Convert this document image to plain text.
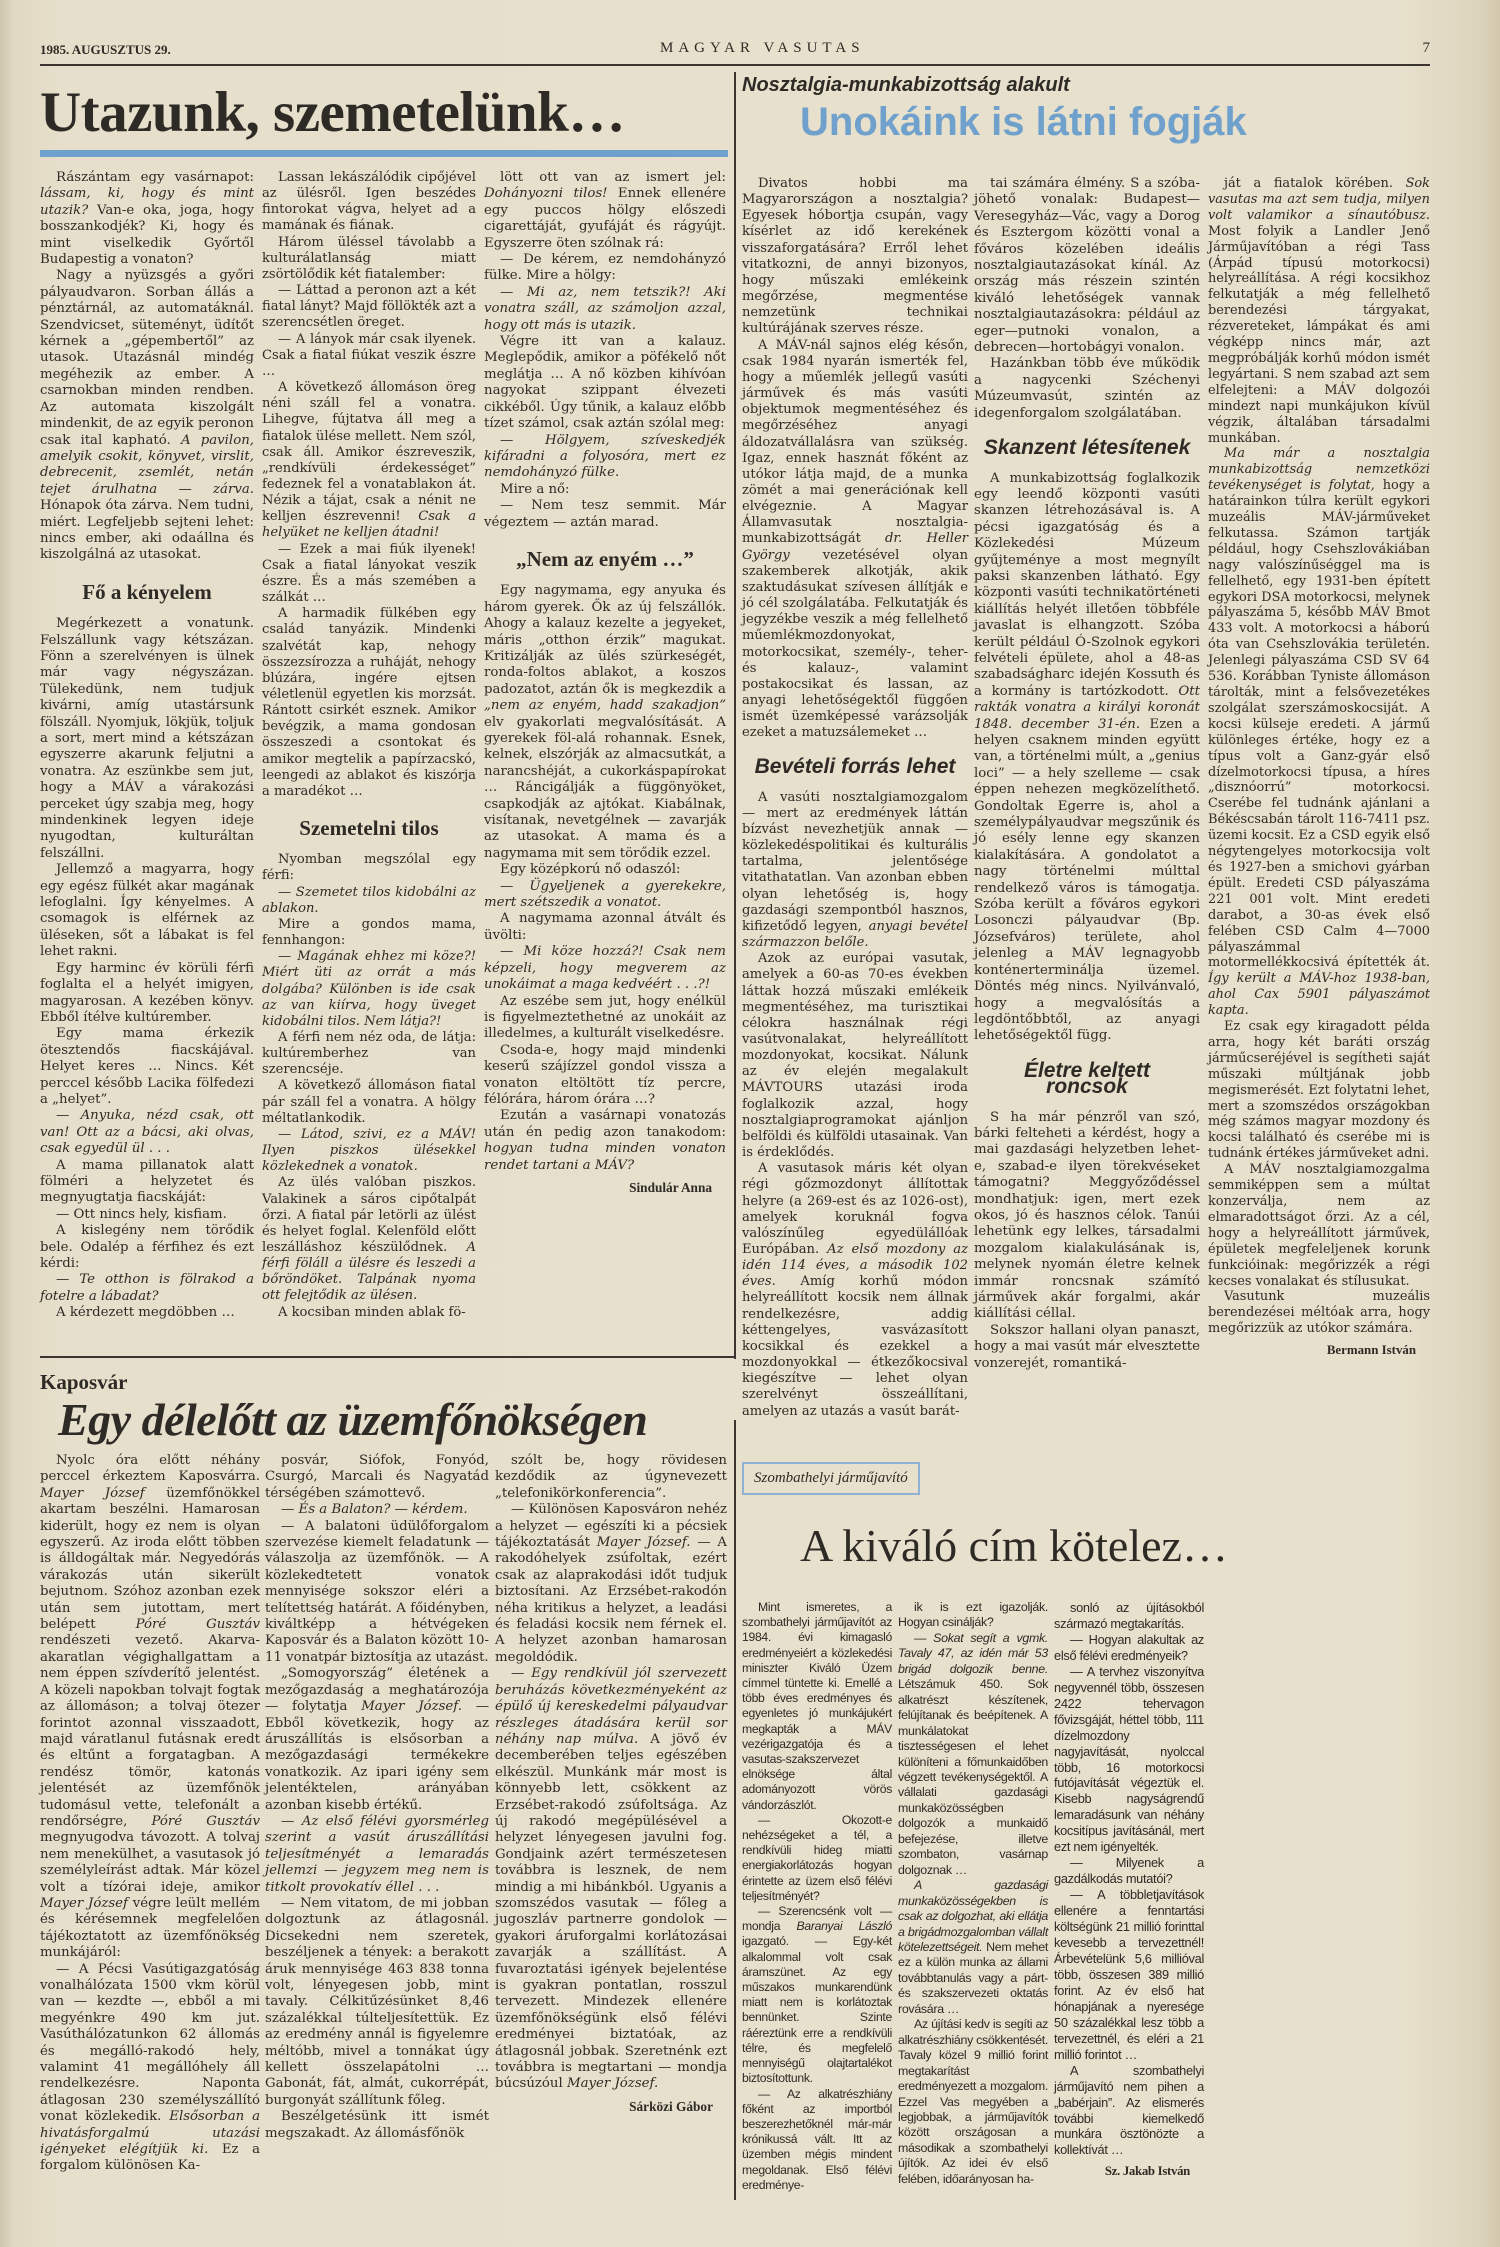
1985. AUGUSZTUS 29.	MAGYAR VASUTAS	7
Utazunk, szemetelünk…

Rászántam egy vasárnapot: lássam, ki, hogy és mint utazik? Van-e oka, joga, hogy bosszankodjék? Ki, hogy és mint viselkedik Győrtől Budapestig a vonaton?

Nagy a nyüzsgés a győri pályaudvaron. Sorban állás a pénztárnál, az automatáknál. Szendvicset, süteményt, üdítőt kérnek a „gépembertől” az utasok. Utazásnál mindég megéhezik az ember. A csarnokban minden rendben. Az automata kiszolgált mindenkit, de az egyik peronon csak ital kapható. A pavilon, amelyik csokit, könyvet, virslit, debrecenit, zsemlét, netán tejet árulhatna — zárva. Hónapok óta zárva. Nem tudni, miért. Legfeljebb sejteni lehet: nincs ember, aki odaállna és kiszolgálná az utasokat.

Fő a kényelem

Megérkezett a vonatunk. Felszállunk vagy kétszázan. Fönn a szerelvényen is ülnek már vagy négyszázan. Tülekedünk, nem tudjuk kivárni, amíg utastársunk fölszáll. Nyomjuk, lökjük, toljuk a sort, mert mind a kétszázan egyszerre akarunk feljutni a vonatra. Az eszünkbe sem jut, hogy a MÁV a várakozási perceket úgy szabja meg, hogy mindenkinek legyen ideje nyugodtan, kulturáltan felszállni.

Jellemző a magyarra, hogy egy egész fülkét akar magának lefoglalni. Így kényelmes. A csomagok is elférnek az üléseken, sőt a lábakat is fel lehet rakni.

Egy harminc év körüli férfi foglalta el a helyét imigyen, magyarosan. A kezében könyv. Ebből ítélve kultúrember.

Egy mama érkezik ötesztendős fiacskájával. Helyet keres … Nincs. Két perccel később Lacika fölfedezi a „helyet”.

— Anyuka, nézd csak, ott van! Ott az a bácsi, aki olvas, csak egyedül ül . . .

A mama pillanatok alatt fölméri a helyzetet és megnyugtatja fiacskáját:

— Ott nincs hely, kisfiam.

A kislegény nem törődik bele. Odalép a férfihez és ezt kérdi:

— Te otthon is fölrakod a fotelre a lábadat?

A kérdezett megdöbben …

Lassan lekászálódik cipőjével az ülésről. Igen beszédes fintorokat vágva, helyet ad a mamának és fiának.

Három üléssel távolabb a kulturálatlanság miatt zsörtölődik két fiatalember:

— Láttad a peronon azt a két fiatal lányt? Majd föllökték azt a szerencsétlen öreget.

— A lányok már csak ilyenek. Csak a fiatal fiúkat veszik észre …

A következő állomáson öreg néni száll fel a vonatra. Lihegve, fújtatva áll meg a fiatalok ülése mellett. Nem szól, csak áll. Amikor észreveszik, „rendkívüli érdekességet” fedeznek fel a vonatablakon át. Nézik a tájat, csak a nénit ne kelljen észrevenni! Csak a helyüket ne kelljen átadni!

— Ezek a mai fiúk ilyenek! Csak a fiatal lányokat veszik észre. És a más szemében a szálkát …

A harmadik fülkében egy család tanyázik. Mindenki szalvétát kap, nehogy összezsírozza a ruháját, nehogy blúzára, ingére ejtsen véletlenül egyetlen kis morzsát. Rántott csirkét esznek. Amikor bevégzik, a mama gondosan összeszedi a csontokat és amikor megtelik a papírzacskó, leengedi az ablakot és kiszórja a maradékot …

Szemetelni tilos

Nyomban megszólal egy férfi:

— Szemetet tilos kidobálni az ablakon.

Mire a gondos mama, fennhangon:

— Magának ehhez mi köze?! Miért üti az orrát a más dolgába? Különben is ide csak az van kiírva, hogy üveget kidobálni tilos. Nem látja?!

A férfi nem néz oda, de látja: kultúremberhez van szerencséje.

A következő állomáson fiatal pár száll fel a vonatra. A hölgy méltatlankodik.

— Látod, szivi, ez a MÁV! Ilyen piszkos ülésekkel közlekednek a vonatok.

Az ülés valóban piszkos. Valakinek a sáros cipőtalpát őrzi. A fiatal pár letörli az ülést és helyet foglal. Kelenföld előtt leszálláshoz készülődnek. A férfi föláll a ülésre és leszedi a bőröndöket. Talpának nyoma ott felejtődik az ülésen.

A kocsiban minden ablak fö-

lött ott van az ismert jel: Dohányozni tilos! Ennek ellenére egy puccos hölgy előszedi cigarettáját, gyufáját és rágyújt. Egyszerre öten szólnak rá:

— De kérem, ez nemdohányzó fülke. Mire a hölgy:

— Mi az, nem tetszik?! Aki vonatra száll, az számoljon azzal, hogy ott más is utazik.

Végre itt van a kalauz. Meglepődik, amikor a pöfékelő nőt meglátja … A nő közben kihívóan nagyokat szippant élvezeti cikkéből. Úgy tűnik, a kalauz előbb tízet számol, csak aztán szólal meg:

— Hölgyem, szíveskedjék kifáradni a folyosóra, mert ez nemdohányzó fülke.

Mire a nő:

— Nem tesz semmit. Már végeztem — aztán marad.

„Nem az enyém …”

Egy nagymama, egy anyuka és három gyerek. Ők az új felszállók. Ahogy a kalauz kezelte a jegyeket, máris „otthon érzik” magukat. Kritizálják az ülés szürkeségét, ronda-foltos ablakot, a koszos padozatot, aztán ők is megkezdik a „nem az enyém, hadd szakadjon” elv gyakorlati megvalósítását. A gyerekek föl-alá rohannak. Esnek, kelnek, elszórják az almacsutkát, a narancshéját, a cukorkáspapírokat … Ráncigálják a függönyöket, csapkodják az ajtókat. Kiabálnak, visítanak, nevetgélnek — zavarják az utasokat. A mama és a nagymama mit sem törődik ezzel.

Egy középkorú nő odaszól:

— Ügyeljenek a gyerekekre, mert szétszedik a vonatot.

A nagymama azonnal átvált és üvölti:

— Mi köze hozzá?! Csak nem képzeli, hogy megverem az unokáimat a maga kedvéért . . .?!

Az eszébe sem jut, hogy enélkül is figyelmeztethetné az unokáit az illedelmes, a kulturált viselkedésre.

Csoda-e, hogy majd mindenki keserű szájízzel gondol vissza a vonaton eltöltött tíz percre, félórára, három órára …?

Ezután a vasárnapi vonatozás után én pedig azon tanakodom: hogyan tudna minden vonaton rendet tartani a MÁV?

Sindulár Anna
Kaposvár
Egy délelőtt az üzemfőnökségen

Nyolc óra előtt néhány perccel érkeztem Kaposvárra. Mayer József üzemfőnökkel akartam beszélni. Hamarosan kiderült, hogy ez nem is olyan egyszerű. Az iroda előtt többen is álldogáltak már. Negyedórás várakozás után sikerült bejutnom. Szóhoz azonban ezek után sem jutottam, mert belépett Póré Gusztáv rendészeti vezető. Akarva-akaratlan végighallgattam a nem éppen szívderítő jelentést. A közeli napokban tolvajt fogtak az állomáson; a tolvaj ötezer forintot azonnal visszaadott, majd váratlanul futásnak eredt és eltűnt a forgatagban. A rendész tömör, katonás jelentését az üzemfőnök tudomásul vette, telefonált a rendőrségre, Póré Gusztáv megnyugodva távozott. A tolvaj nem menekülhet, a vasutasok jó személyleírást adtak. Már közel volt a tízórai ideje, amikor Mayer József végre leült mellém és kérésemnek megfelelően tájékoztatott az üzemfőnökség munkájáról:

— A Pécsi Vasútigazgatóság vonalhálózata 1500 vkm körül van — kezdte —, ebből a mi megyénkre 490 km jut. Vasúthálózatunkon 62 állomás és megálló-rakodó hely, valamint 41 megállóhely áll rendelkezésre. Naponta átlagosan 230 személyszállító vonat közlekedik. Elsősorban a hivatásforgalmú utazási igényeket elégítjük ki. Ez a forgalom különösen Ka-

posvár, Siófok, Fonyód, Csurgó, Marcali és Nagyatád térségében számottevő.

— És a Balaton? — kérdem.

— A balatoni üdülőforgalom szervezése kiemelt feladatunk — válaszolja az üzemfőnök. — A közlekedtetett vonatok mennyisége sokszor eléri a telítettség határát. A főidényben, kiváltképp a hétvégeken Kaposvár és a Balaton között 10-11 vonatpár biztosítja az utazást.

„Somogyország” életének a mezőgazdaság a meghatározója — folytatja Mayer József. — Ebből következik, hogy az áruszállítás is elsősorban a mezőgazdasági termékekre vonatkozik. Az ipari igény sem jelentéktelen, arányában azonban kisebb értékű.

— Az első félévi gyorsmérleg szerint a vasút áruszállítási teljesítményét a lemaradás jellemzi — jegyzem meg nem is titkolt provokatív éllel . . .

— Nem vitatom, de mi jobban dolgoztunk az átlagosnál. Dicsekedni nem szeretek, beszéljenek a tények: a berakott áruk mennyisége 463 838 tonna volt, lényegesen jobb, mint tavaly. Célkitűzésünket 8,46 százalékkal túlteljesítettük. Ez az eredmény annál is figyelemre méltóbb, mivel a tonnákat úgy kellett összelapátolni … Gabonát, fát, almát, cukorrépát, burgonyát szállítunk főleg.

Beszélgetésünk itt ismét megszakadt. Az állomásfőnök

szólt be, hogy rövidesen kezdődik az úgynevezett „telefonikörkonferencia”.

— Különösen Kaposváron nehéz a helyzet — egészíti ki a pécsiek tájékoztatását Mayer József. — A rakodóhelyek zsúfoltak, ezért csak az alaprakodási időt tudjuk biztosítani. Az Erzsébet-rakodón néha kritikus a helyzet, a leadási és feladási kocsik nem férnek el. A helyzet azonban hamarosan megoldódik.

— Egy rendkívül jól szervezett beruházás következményeként az épülő új kereskedelmi pályaudvar részleges átadására kerül sor néhány nap múlva. A jövő év decemberében teljes egészében elkészül. Munkánk már most is könnyebb lett, csökkent az Erzsébet-rakodó zsúfoltsága. Az új rakodó megépülésével a helyzet lényegesen javulni fog. Gondjaink azért természetesen továbbra is lesznek, de nem mindig a mi hibánkból. Ugyanis a szomszédos vasutak — főleg a jugoszláv partnerre gondolok — gyakori áruforgalmi korlátozásai zavarják a szállítást. A fuvaroztatási igények bejelentése is gyakran pontatlan, rosszul tervezett. Mindezek ellenére üzemfőnökségünk első félévi eredményei biztatóak, az átlagosnál jobbak. Szeretnénk ezt továbbra is megtartani — mondja búcsúzóul Mayer József.

Sárközi Gábor
Nosztalgia-munkabizottság alakult
Unokáink is látni fogják

Divatos hobbi ma Magyarországon a nosztalgia? Egyesek hóbortja csupán, vagy kísérlet az idő kerekének visszaforgatására? Erről lehet vitatkozni, de annyi bizonyos, hogy műszaki emlékeink megőrzése, megmentése nemzetünk technikai kultúrájának szerves része.

A MÁV-nál sajnos elég későn, csak 1984 nyarán ismerték fel, hogy a műemlék jellegű vasúti járművek és más vasúti objektumok megmentéséhez és megőrzéséhez anyagi áldozatvállalásra van szükség. Igaz, ennek hasznát főként az utókor látja majd, de a munka zömét a mai generációnak kell elvégeznie. A Magyar Államvasutak nosztalgia-munkabizottságát dr. Heller György vezetésével olyan szakemberek alkotják, akik szaktudásukat szívesen állítják e jó cél szolgálatába. Felkutatják és jegyzékbe veszik a még fellelhető műemlékmozdonyokat, motorkocsikat, személy-, teher- és kalauz-, valamint postakocsikat és lassan, az anyagi lehetőségektől függően ismét üzemképessé varázsolják ezeket a matuzsálemeket …

Bevételi forrás lehet

A vasúti nosztalgiamozgalom — mert az eredmények láttán bízvást nevezhetjük annak — közlekedéspolitikai és kulturális tartalma, jelentősége vitathatatlan. Van azonban ebben olyan lehetőség is, hogy gazdasági szempontból hasznos, kifizetődő legyen, anyagi bevétel származzon belőle.

Azok az európai vasutak, amelyek a 60-as 70-es években láttak hozzá műszaki emlékeik megmentéséhez, ma turisztikai célokra használnak régi vasútvonalakat, helyreállított mozdonyokat, kocsikat. Nálunk az év elején megalakult MÁVTOURS utazási iroda foglalkozik azzal, hogy nosztalgiaprogramokat ajánljon belföldi és külföldi utasainak. Van is érdeklődés.

A vasutasok máris két olyan régi gőzmozdonyt állítottak helyre (a 269-est és az 1026-ost), amelyek koruknál fogva valószínűleg egyedülállóak Európában. Az első mozdony az idén 114 éves, a második 102 éves. Amíg korhű módon helyreállított kocsik nem állnak rendelkezésre, addig kéttengelyes, vasvázasított kocsikkal és ezekkel a mozdonyokkal — étkezőkocsival kiegészítve — lehet olyan szerelvényt összeállítani, amelyen az utazás a vasút barát-

tai számára élmény. S a szóba-jöhető vonalak: Budapest—Veresegyház—Vác, vagy a Dorog és Esztergom közötti vonal a főváros közelében ideális nosztalgiautazásokat kínál. Az ország más részein szintén kiváló lehetőségek vannak nosztalgiautazásokra: például az eger—putnoki vonalon, a debrecen—hortobágyi vonalon.

Hazánkban több éve működik a nagycenki Széchenyi Múzeumvasút, szintén az idegenforgalom szolgálatában.

Skanzent létesítenek

A munkabizottság foglalkozik egy leendő központi vasúti skanzen létrehozásával is. A pécsi igazgatóság és a Közlekedési Múzeum gyűjteménye a most megnyílt paksi skanzenben látható. Egy központi vasúti technikatörténeti kiállítás helyét illetően többféle javaslat is elhangzott. Szóba került például Ó-Szolnok egykori felvételi épülete, ahol a 48-as szabadságharc idején Kossuth és a kormány is tartózkodott. Ott rakták vonatra a királyi koronát 1848. december 31-én. Ezen a helyen csaknem minden együtt van, a történelmi múlt, a „genius loci” — a hely szelleme — csak éppen nehezen megközelíthető. Gondoltak Egerre is, ahol a személypályaudvar megszűnik és jó esély lenne egy skanzen kialakítására. A gondolatot a nagy történelmi múlttal rendelkező város is támogatja. Szóba került a főváros egykori Losonczi pályaudvar (Bp. Józsefváros) területe, ahol jelenleg a MÁV legnagyobb konténerterminálja üzemel. Döntés még nincs. Nyilvánvaló, hogy a megvalósítás a legdöntőbbtől, az anyagi lehetőségektől függ.

Életre keltett roncsok

S ha már pénzről van szó, bárki felteheti a kérdést, hogy a mai gazdasági helyzetben lehet-e, szabad-e ilyen törekvéseket támogatni? Meggyőződéssel mondhatjuk: igen, mert ezek okos, jó és hasznos célok. Tanúi lehetünk egy lelkes, társadalmi mozgalom kialakulásának is, melynek nyomán életre kelnek immár roncsnak számító járművek akár forgalmi, akár kiállítási céllal.

Sokszor hallani olyan panaszt, hogy a mai vasút már elvesztette vonzerejét, romantiká-

ját a fiatalok körében. Sok vasutas ma azt sem tudja, milyen volt valamikor a sínautóbusz. Most folyik a Landler Jenő Járműjavítóban a régi Tass (Árpád típusú motorkocsi) helyreállítása. A régi kocsikhoz felkutatják a még fellelhető berendezési tárgyakat, rézvereteket, lámpákat és ami végképp nincs már, azt megpróbálják korhű módon ismét legyártani. S nem szabad azt sem elfelejteni: a MÁV dolgozói mindezt napi munkájukon kívül végzik, általában társadalmi munkában.

Ma már a nosztalgia munkabizottság nemzetközi tevékenységet is folytat, hogy a határainkon túlra került egykori muzeális MÁV-járműveket felkutassa. Számon tartják például, hogy Csehszlovákiában nagy valószínűséggel ma is fellelhető, egy 1931-ben épített egykori DSA motorkocsi, melynek pályaszáma 5, később MÁV Bmot 433 volt. A motorkocsi a háború óta van Csehszlovákia területén. Jelenlegi pályaszáma CSD SV 64 536. Korábban Tyniste állomáson tárolták, mint a felsővezetékes szolgálat szerszámoskocsiját. A kocsi külseje eredeti. A jármű különleges értéke, hogy ez a típus volt a Ganz-gyár első dízelmotorkocsi típusa, a híres „disznóorrú” motorkocsi. Cserébe fel tudnánk ajánlani a Békéscsabán tárolt 116-7411 psz. üzemi kocsit. Ez a CSD egyik első négytengelyes motorkocsija volt és 1927-ben a smichovi gyárban épült. Eredeti CSD pályaszáma 221 001 volt. Mint eredeti darabot, a 30-as évek első felében CSD Calm 4—7000 pályaszámmal motormellékkocsivá építették át. Így került a MÁV-hoz 1938-ban, ahol Cax 5901 pályaszámot kapta.

Ez csak egy kiragadott példa arra, hogy két baráti ország járműcseréjével is segítheti saját műszaki múltjának jobb megismerését. Ezt folytatni lehet, mert a szomszédos országokban még számos magyar mozdony és kocsi található és cserébe mi is tudnánk értékes járműveket adni.

A MÁV nosztalgiamozgalma semmiképpen sem a múltat konzerválja, nem az elmaradottságot őrzi. Az a cél, hogy a helyreállított járművek, épületek megfeleljenek korunk funkcióinak: megőrizzék a régi kecses vonalakat és stílusukat.

Vasutunk muzeális berendezései méltóak arra, hogy megőrizzük az utókor számára.

Bermann István
Szombathelyi járműjavító
A kiváló cím kötelez…

Mint ismeretes, a szombathelyi járműjavítót az 1984. évi kimagasló eredményeiért a közlekedési miniszter Kiváló Üzem címmel tüntette ki. Emellé a több éves eredményes és egyenletes jó munkájukért megkapták a MÁV vezérigazgatója és a vasutas-szakszervezet elnöksége által adományozott vörös vándorzászlót.

— Okozott-e nehézségeket a tél, a rendkívüli hideg miatti energiakorlátozás hogyan érintette az üzem első félévi teljesítményét?

— Szerencsénk volt — mondja Baranyai László igazgató. — Egy-két alkalommal volt csak áramszünet. Az egy műszakos munkarendünk miatt nem is korlátoztak bennünket. Szinte ráéreztünk erre a rendkívüli télre, és megfelelő mennyiségű olajtartalékot biztosítottunk.

— Az alkatrészhiány főként az importból beszerezhetőknél már-már krónikussá vált. Itt az üzemben mégis mindent megoldanak. Első félévi eredménye-

ik is ezt igazolják. Hogyan csinálják?

— Sokat segít a vgmk. Tavaly 47, az idén már 53 brigád dolgozik benne. Létszámuk 450. Sok alkatrészt készítenek, felújítanak és beépítenek. A munkálatokat tisztességesen el lehet különíteni a főmunkaidőben végzett tevékenységektől. A vállalati gazdasági munkaközösségben dolgozók a munkaidő befejezése, illetve szombaton, vasárnap dolgoznak …

A gazdasági munkaközösségekben is csak az dolgozhat, aki ellátja a brigádmozgalomban vállalt kötelezettségeit. Nem mehet ez a külön munka az állami továbbtanulás vagy a párt- és szakszervezeti oktatás rovására …

Az újítási kedv is segíti az alkatrészhiány csökkentését. Tavaly közel 9 millió forint megtakarítást eredményezett a mozgalom. Ezzel Vas megyében a legjobbak, a járműjavítók között országosan a másodikak a szombathelyi újítók. Az idei év első felében, időarányosan ha-

sonló az újításokból származó megtakarítás.

— Hogyan alakultak az első félévi eredményeik?

— A tervhez viszonyítva negyvennél több, összesen 2422 tehervagon fővizsgáját, héttel több, 111 dízelmozdony nagyjavítását, nyolccal több, 16 motorkocsi futójavítását végeztük el. Kisebb nagyságrendű lemaradásunk van néhány kocsitípus javításánál, mert ezt nem igényelték.

— Milyenek a gazdálkodás mutatói?

— A többletjavítások ellenére a fenntartási költségünk 21 millió forinttal kevesebb a tervezettnél! Árbevételünk 5,6 millióval több, összesen 389 millió forint. Az év első hat hónapjának a nyeresége 50 százalékkal lesz több a tervezettnél, és eléri a 21 millió forintot …

A szombathelyi járműjavító nem pihen a „babérjain”. Az elismerés további kiemelkedő munkára ösztönözte a kollektívát …

Sz. Jakab István
